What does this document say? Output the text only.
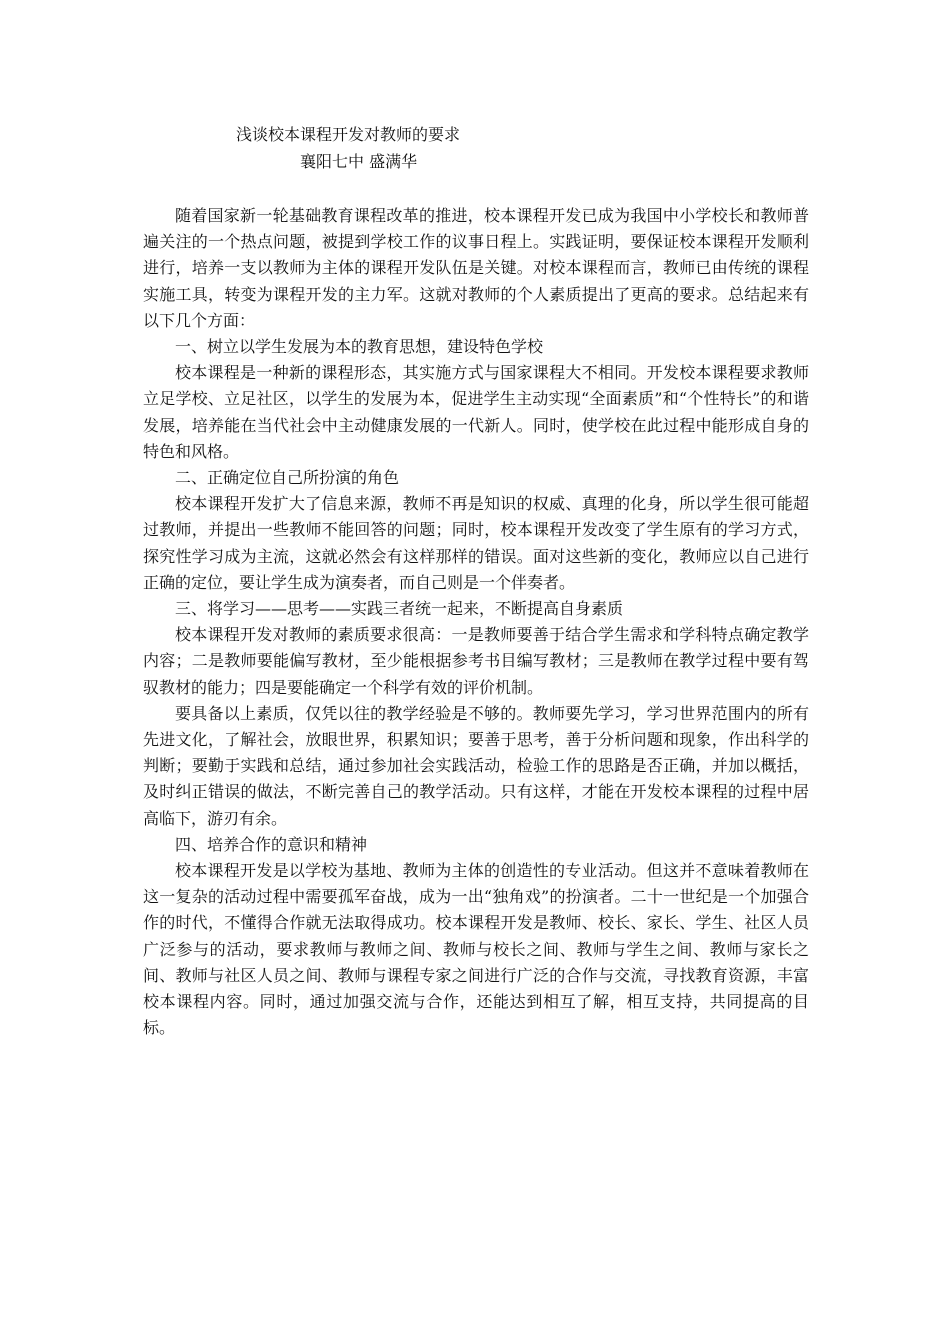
浅谈校本课程开发对教师的要求
襄阳七中 盛满华

随着国家新一轮基础教育课程改革的推进，校本课程开发已成为我国中小学校长和教师普遍关注的一个热点问题，被提到学校工作的议事日程上。实践证明，要保证校本课程开发顺利进行，培养一支以教师为主体的课程开发队伍是关键。对校本课程而言，教师已由传统的课程实施工具，转变为课程开发的主力军。这就对教师的个人素质提出了更高的要求。总结起来有以下几个方面：

一、树立以学生发展为本的教育思想，建设特色学校

校本课程是一种新的课程形态，其实施方式与国家课程大不相同。开发校本课程要求教师立足学校、立足社区，以学生的发展为本，促进学生主动实现“全面素质”和“个性特长”的和谐发展，培养能在当代社会中主动健康发展的一代新人。同时，使学校在此过程中能形成自身的特色和风格。

二、正确定位自己所扮演的角色

校本课程开发扩大了信息来源，教师不再是知识的权威、真理的化身，所以学生很可能超过教师，并提出一些教师不能回答的问题；同时，校本课程开发改变了学生原有的学习方式，探究性学习成为主流，这就必然会有这样那样的错误。面对这些新的变化，教师应以自己进行正确的定位，要让学生成为演奏者，而自己则是一个伴奏者。

三、将学习——思考——实践三者统一起来，不断提高自身素质

校本课程开发对教师的素质要求很高：一是教师要善于结合学生需求和学科特点确定教学内容；二是教师要能偏写教材，至少能根据参考书目编写教材；三是教师在教学过程中要有驾驭教材的能力；四是要能确定一个科学有效的评价机制。

要具备以上素质，仅凭以往的教学经验是不够的。教师要先学习，学习世界范围内的所有先进文化，了解社会，放眼世界，积累知识；要善于思考，善于分析问题和现象，作出科学的判断；要勤于实践和总结，通过参加社会实践活动，检验工作的思路是否正确，并加以概括，及时纠正错误的做法，不断完善自己的教学活动。只有这样，才能在开发校本课程的过程中居高临下，游刃有余。

四、培养合作的意识和精神

校本课程开发是以学校为基地、教师为主体的创造性的专业活动。但这并不意味着教师在这一复杂的活动过程中需要孤军奋战，成为一出“独角戏”的扮演者。二十一世纪是一个加强合作的时代，不懂得合作就无法取得成功。校本课程开发是教师、校长、家长、学生、社区人员广泛参与的活动，要求教师与教师之间、教师与校长之间、教师与学生之间、教师与家长之间、教师与社区人员之间、教师与课程专家之间进行广泛的合作与交流，寻找教育资源，丰富校本课程内容。同时，通过加强交流与合作，还能达到相互了解，相互支持，共同提高的目标。
